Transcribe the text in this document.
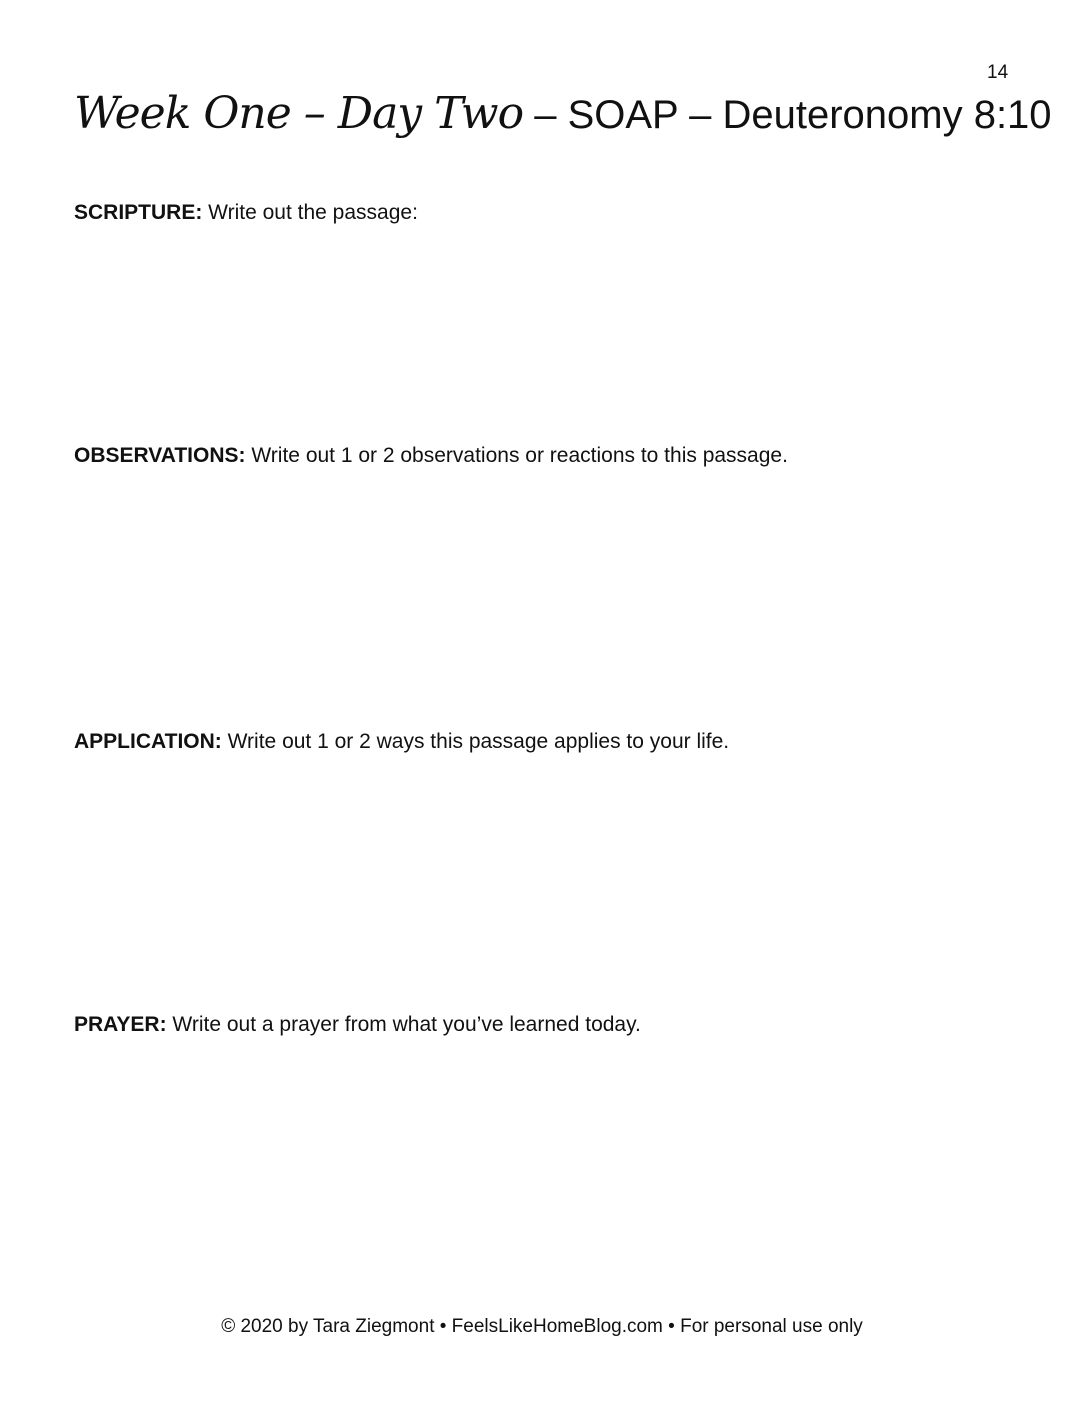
14
Week One – Day Two – SOAP – Deuteronomy 8:10
SCRIPTURE: Write out the passage:
OBSERVATIONS: Write out 1 or 2 observations or reactions to this passage.
APPLICATION: Write out 1 or 2 ways this passage applies to your life.
PRAYER: Write out a prayer from what you’ve learned today.
© 2020 by Tara Ziegmont • FeelsLikeHomeBlog.com • For personal use only
